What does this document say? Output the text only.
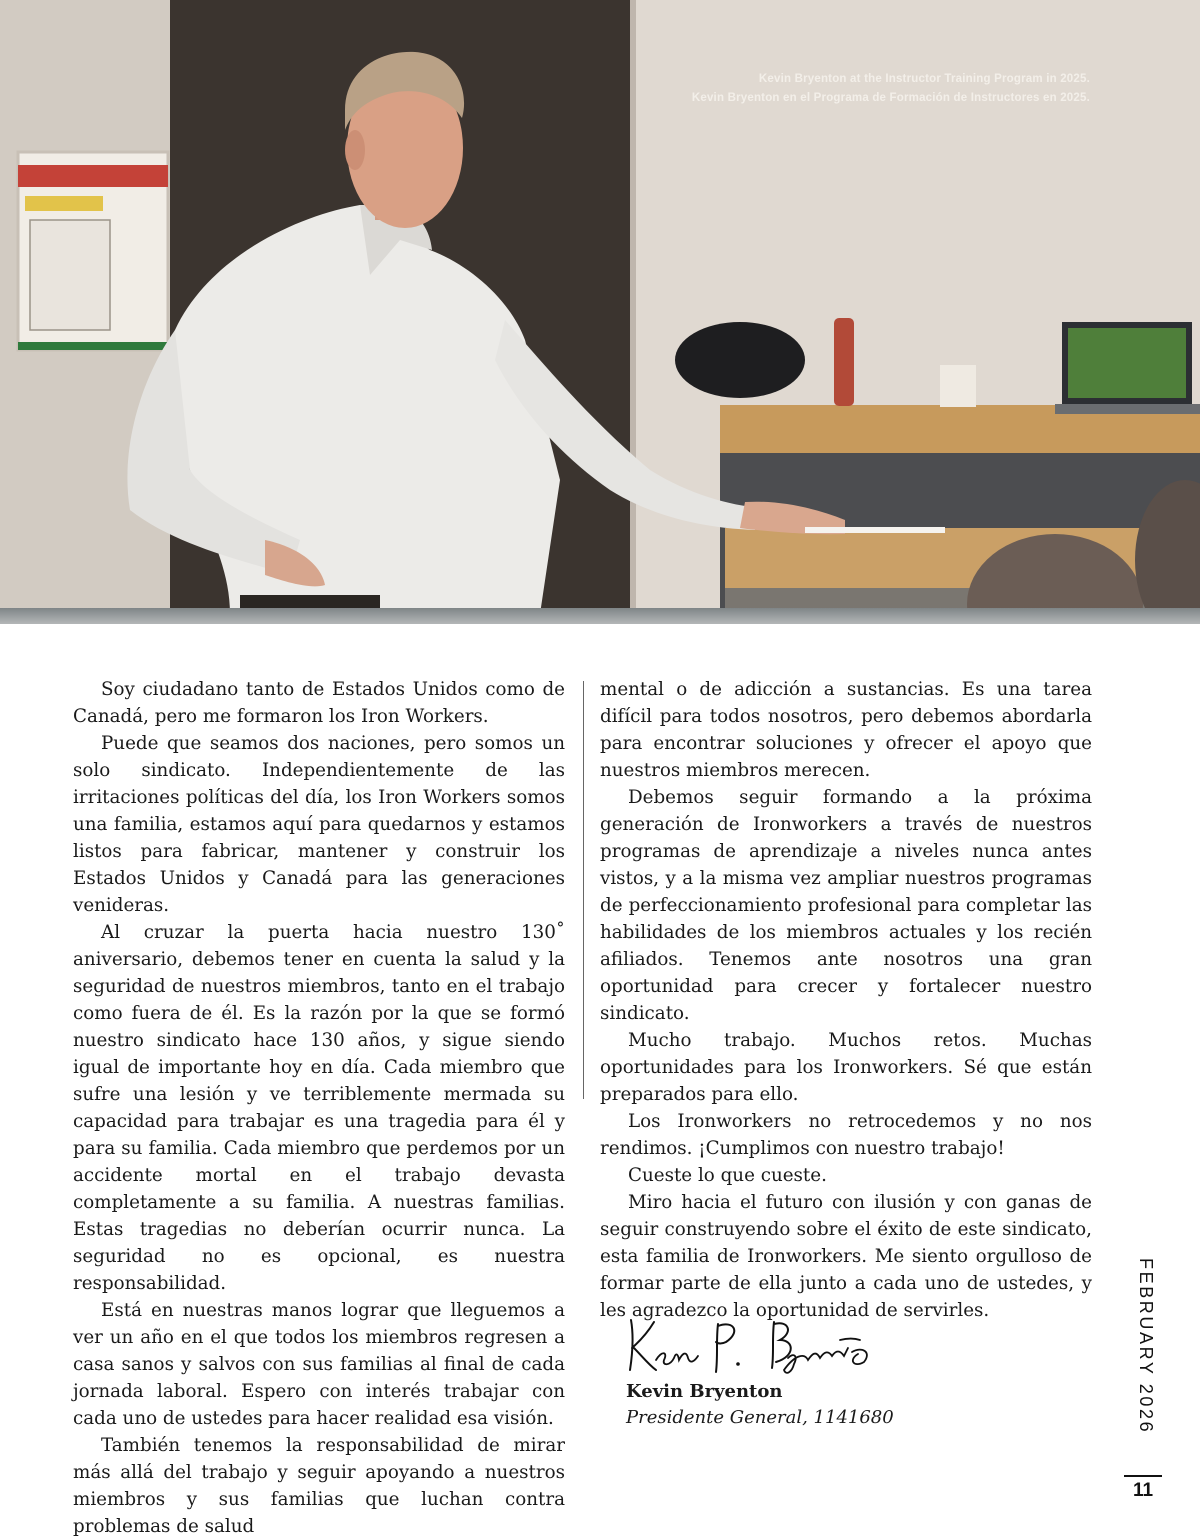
Kevin Bryenton at the Instructor Training Program in 2025.
Kevin Bryenton en el Programa de Formación de Instructores en 2025.

Soy ciudadano tanto de Estados Unidos como de Canadá, pero me formaron los Iron Workers.

Puede que seamos dos naciones, pero somos un solo sindicato. Independientemente de las irritaciones políticas del día, los Iron Workers somos una familia, estamos aquí para quedarnos y estamos listos para fabricar, mantener y construir los Estados Unidos y Canadá para las generaciones venideras.

Al cruzar la puerta hacia nuestro 130˚ aniversario, debemos tener en cuenta la salud y la seguridad de nuestros miembros, tanto en el trabajo como fuera de él. Es la razón por la que se formó nuestro sindicato hace 130 años, y sigue siendo igual de importante hoy en día. Cada miembro que sufre una lesión y ve terriblemente mermada su capacidad para trabajar es una tragedia para él y para su familia. Cada miembro que perdemos por un accidente mortal en el trabajo devasta completamente a su familia. A nuestras familias. Estas tragedias no deberían ocurrir nunca. La seguridad no es opcional, es nuestra responsabilidad.

Está en nuestras manos lograr que lleguemos a ver un año en el que todos los miembros regresen a casa sanos y salvos con sus familias al final de cada jornada laboral. Espero con interés trabajar con cada uno de ustedes para hacer realidad esa visión.

También tenemos la responsabilidad de mirar más allá del trabajo y seguir apoyando a nuestros miembros y sus familias que luchan contra problemas de salud

mental o de adicción a sustancias. Es una tarea difícil para todos nosotros, pero debemos abordarla para encontrar soluciones y ofrecer el apoyo que nuestros miembros merecen.

Debemos seguir formando a la próxima generación de Ironworkers a través de nuestros programas de aprendizaje a niveles nunca antes vistos, y a la misma vez ampliar nuestros programas de perfeccionamiento profesional para completar las habilidades de los miembros actuales y los recién afiliados. Tenemos ante nosotros una gran oportunidad para crecer y fortalecer nuestro sindicato.

Mucho trabajo. Muchos retos. Muchas oportunidades para los Ironworkers. Sé que están preparados para ello.

Los Ironworkers no retrocedemos y no nos rendimos. ¡Cumplimos con nuestro trabajo!

Cueste lo que cueste.

Miro hacia el futuro con ilusión y con ganas de seguir construyendo sobre el éxito de este sindicato, esta familia de Ironworkers. Me siento orgulloso de formar parte de ella junto a cada uno de ustedes, y les agradezco la oportunidad de servirles.

Kevin Bryenton
Presidente General, 1141680	FEBRUARY 2026
11
